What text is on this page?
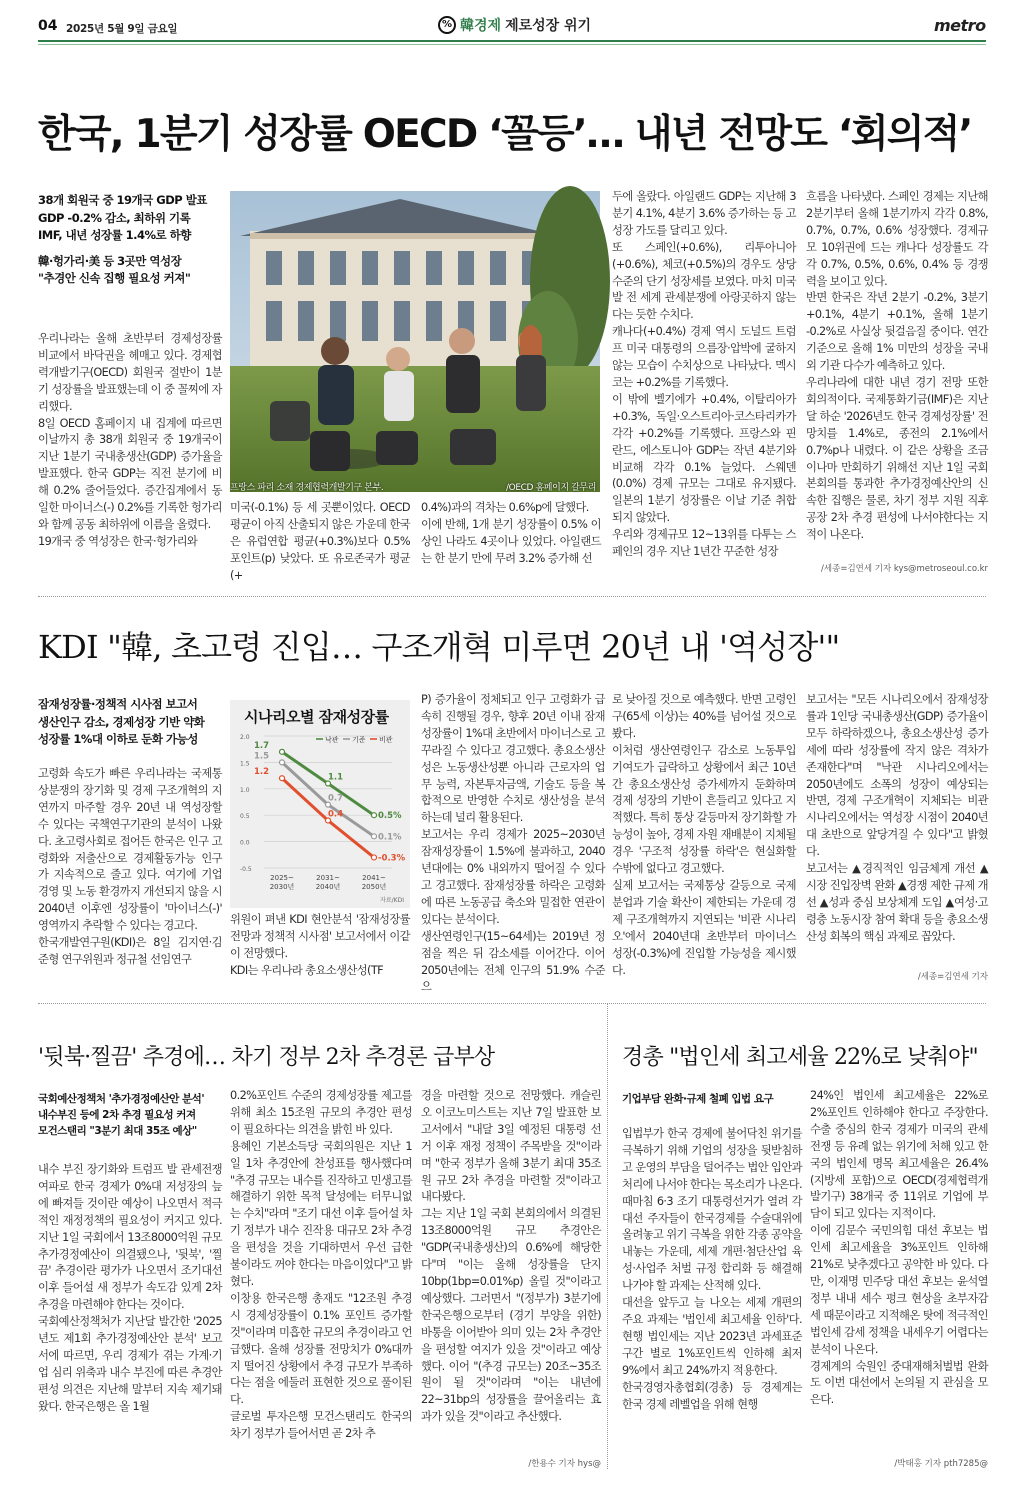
04 2025년 5월 9일 금요일	% 韓경제 제로성장 위기	metro
한국, 1분기 성장률 OECD ‘꼴등’… 내년 전망도 ‘회의적’
38개 회원국 중 19개국 GDP 발표
GDP -0.2% 감소, 최하위 기록
IMF, 내년 성장률 1.4%로 하향
韓·헝가리·美 등 3곳만 역성장
"추경안 신속 집행 필요성 커져"
프랑스 파리 소재 경제협력개발기구 본부.	/OECD 홈페이지 갈무리
우리나라는 올해 초반부터 경제성장률 비교에서 바닥권을 헤매고 있다. 경제협력개발기구(OECD) 회원국 절반이 1분기 성장률을 발표했는데 이 중 꼴찌에 자리했다.
8일 OECD 홈페이지 내 집계에 따르면 이날까지 총 38개 회원국 중 19개국이 지난 1분기 국내총생산(GDP) 증가율을 발표했다. 한국 GDP는 직전 분기에 비해 0.2% 줄어들었다. 증간집계에서 동일한 마이너스(-) 0.2%를 기록한 헝가리와 함께 공동 최하위에 이름을 올렸다.
19개국 중 역성장은 한국·헝가리와
미국(-0.1%) 등 세 곳뿐이었다. OECD 평균이 아직 산출되지 않은 가운데 한국은 유럽연합 평균(+0.3%)보다 0.5%포인트(p) 낮았다. 또 유로존국가 평균(+
0.4%)과의 격차는 0.6%p에 달했다.
이에 반해, 1개 분기 성장률이 0.5% 이상인 나라도 4곳이나 있었다. 아일랜드는 한 분기 만에 무려 3.2% 증가해 선
두에 올랐다. 아일랜드 GDP는 지난해 3분기 4.1%, 4분기 3.6% 증가하는 등 고성장 가도를 달리고 있다.
또 스페인(+0.6%), 리투아니아(+0.6%), 체코(+0.5%)의 경우도 상당 수준의 단기 성장세를 보였다. 마치 미국발 전 세계 관세분쟁에 아랑곳하지 않는다는 듯한 수치다.
캐나다(+0.4%) 경제 역시 도널드 트럼프 미국 대통령의 으름장·압박에 굴하지 않는 모습이 수치상으로 나타났다. 멕시코는 +0.2%를 기록했다.
이 밖에 벨기에가 +0.4%, 이탈리아가 +0.3%, 독일·오스트리아·코스타리카가 각각 +0.2%를 기록했다. 프랑스와 핀란드, 에스토니아 GDP는 작년 4분기와 비교해 각각 0.1% 늘었다. 스웨덴(0.0%) 경제 규모는 그대로 유지됐다. 일본의 1분기 성장률은 이날 기준 취합되지 않았다.
우리와 경제규모 12~13위를 다투는 스페인의 경우 지난 1년간 꾸준한 성장
흐름을 나타냈다. 스페인 경제는 지난해 2분기부터 올해 1분기까지 각각 0.8%, 0.7%, 0.7%, 0.6% 성장했다. 경제규모 10위권에 드는 캐나다 성장률도 각각 0.7%, 0.5%, 0.6%, 0.4% 등 경쟁력을 보이고 있다.
반면 한국은 작년 2분기 -0.2%, 3분기 +0.1%, 4분기 +0.1%, 올해 1분기 -0.2%로 사실상 뒷걸음질 중이다. 연간 기준으로 올해 1% 미만의 성장을 국내외 기관 다수가 예측하고 있다.
우리나라에 대한 내년 경기 전망 또한 회의적이다. 국제통화기금(IMF)은 지난달 하순 '2026년도 한국 경제성장률' 전망치를 1.4%로, 종전의 2.1%에서 0.7%p나 내렸다. 이 같은 상황을 조금이나마 만회하기 위해선 지난 1일 국회 본회의를 통과한 추가경정예산안의 신속한 집행은 물론, 차기 정부 지원 직후 공장 2차 추경 편성에 나서야한다는 지적이 나온다.
/세종=김연세 기자 kys@metroseoul.co.kr
KDI "韓, 초고령 진입… 구조개혁 미루면 20년 내 '역성장'"
잠재성장률·정책적 시사점 보고서
생산인구 감소, 경제성장 기반 약화
성장률 1%대 이하로 둔화 가능성
시나리오별 잠재성장률
2.0
1.5
1.0
0.5
0.0
-0.5
낙관 기준 비관
1.7
1.1
0.5%
1.5
0.7
0.1%
1.2
0.4
-0.3%
2025~
2030년
2031~
2040년
2041~
2050년
자료/KDI
고령화 속도가 빠른 우리나라는 국제통상분쟁의 장기화 및 경제 구조개혁의 지연까지 마주할 경우 20년 내 역성장할 수 있다는 국책연구기관의 분석이 나왔다. 초고령사회로 접어든 한국은 인구 고령화와 저출산으로 경제활동가능 인구가 지속적으로 줄고 있다. 여기에 기업 경영 및 노동 환경까지 개선되지 않을 시 2040년 이후엔 성장률이 '마이너스(-)' 영역까지 추락할 수 있다는 경고다.
한국개발연구원(KDI)은 8일 김지연·김준형 연구위원과 정규철 선임연구
위원이 펴낸 KDI 현안분석 '잠재성장률 전망과 정책적 시사점' 보고서에서 이같이 전망했다.
KDI는 우리나라 총요소생산성(TF
P) 증가율이 정체되고 인구 고령화가 급속히 진행될 경우, 향후 20년 이내 잠재성장률이 1%대 초반에서 마이너스로 고꾸라질 수 있다고 경고했다. 총요소생산성은 노동생산성뿐 아니라 근로자의 업무 능력, 자본투자금액, 기술도 등을 복합적으로 반영한 수치로 생산성을 분석하는데 널리 활용된다.
보고서는 우리 경제가 2025~2030년 잠재성장률이 1.5%에 불과하고, 2040년대에는 0% 내외까지 떨어질 수 있다고 경고했다. 잠재성장률 하락은 고령화에 따른 노동공급 축소와 밀접한 연관이 있다는 분석이다.
생산연령인구(15~64세)는 2019년 정점을 찍은 뒤 감소세를 이어간다. 이어 2050년에는 전체 인구의 51.9% 수준으
로 낮아질 것으로 예측했다. 반면 고령인구(65세 이상)는 40%를 넘어설 것으로 봤다.
이처럼 생산연령인구 감소로 노동투입 기여도가 급락하고 상황에서 최근 10년간 총요소생산성 증가세까지 둔화하며 경제 성장의 기반이 흔들리고 있다고 지적했다. 특히 통상 갈등마저 장기화할 가능성이 높아, 경제 자원 재배분이 지체될 경우 '구조적 성장률 하락'은 현실화할 수밖에 없다고 경고했다.
실제 보고서는 국제통상 갈등으로 국제 분업과 기술 확산이 제한되는 가운데 경제 구조개혁까지 지연되는 '비관 시나리오'에서 2040년대 초반부터 마이너스 성장(-0.3%)에 진입할 가능성을 제시했다.
보고서는 "모든 시나리오에서 잠재성장률과 1인당 국내총생산(GDP) 증가율이 모두 하락하겠으나, 총요소생산성 증가세에 따라 성장률에 작지 않은 격차가 존재한다"며 "낙관 시나리오에서는 2050년에도 소폭의 성장이 예상되는 반면, 경제 구조개혁이 지체되는 비관 시나리오에서는 역성장 시점이 2040년대 초반으로 앞당겨질 수 있다"고 밝혔다.
보고서는 ▲경직적인 임금체계 개선 ▲시장 진입장벽 완화 ▲경쟁 제한 규제 개선 ▲성과 중심 보상체계 도입 ▲여성·고령층 노동시장 참여 확대 등을 총요소생산성 회복의 핵심 과제로 꼽았다.
/세종=김연세 기자
'뒷북·찔끔' 추경에… 차기 정부 2차 추경론 급부상
국회예산정책처 '추가경정예산안 분석'
내수부진 등에 2차 추경 필요성 커져
모건스탠리 "3분기 최대 35조 예상"
내수 부진 장기화와 트럼프 발 관세전쟁 여파로 한국 경제가 0%대 저성장의 늪에 빠져들 것이란 예상이 나오면서 적극적인 재정정책의 필요성이 커지고 있다. 지난 1일 국회에서 13조8000억원 규모 추가경정예산이 의결됐으나, '뒷북', '찔끔' 추경이란 평가가 나오면서 조기대선 이후 들어설 새 정부가 속도감 있게 2차 추경을 마련해야 한다는 것이다.
국회예산정책처가 지난달 발간한 '2025년도 제1회 추가경정예산안 분석' 보고서에 따르면, 우리 경제가 겪는 가계·기업 심리 위축과 내수 부진에 따른 추경안 편성 의견은 지난해 말부터 지속 제기돼 왔다. 한국은행은 올 1월
0.2%포인트 수준의 경제성장률 제고를 위해 최소 15조원 규모의 추경안 편성이 필요하다는 의견을 밝힌 바 있다.
용혜인 기본소득당 국회의원은 지난 1일 1차 추경안에 찬성표를 행사했다며 "추경 규모는 내수를 진작하고 민생고를 해결하기 위한 목적 달성에는 터무니없는 수치"라며 "조기 대선 이후 들어설 차기 정부가 내수 진작용 대규모 2차 추경을 편성을 것을 기대하면서 우선 급한 불이라도 꺼야 한다는 마음이었다"고 밝혔다.
이창용 한국은행 총재도 "12조원 추경시 경제성장률이 0.1% 포인트 증가할 것"이라며 미흡한 규모의 추경이라고 언급했다. 올해 성장률 전망치가 0%대까지 떨어진 상황에서 추경 규모가 부족하다는 점을 에둘러 표현한 것으로 풀이된다.
글로벌 투자은행 모건스탠리도 한국의 차기 정부가 들어서면 곧 2차 추
경을 마련할 것으로 전망했다. 캐슬린 오 이코노미스트는 지난 7일 발표한 보고서에서 "내달 3일 예정된 대통령 선거 이후 재정 정책이 주목받을 것"이라며 "한국 정부가 올해 3분기 최대 35조원 규모 2차 추경을 마련할 것"이라고 내다봤다.
그는 지난 1일 국회 본회의에서 의결된 13조8000억원 규모 추경안은 "GDP(국내총생산)의 0.6%에 해당한다"며 "이는 올해 성장률을 단지 10bp(1bp=0.01%p) 올릴 것"이라고 예상했다. 그러면서 "(정부가) 3분기에 한국은행으로부터 (경기 부양을 위한)바통을 이어받아 의미 있는 2차 추경안을 편성할 여지가 있을 것"이라고 예상했다. 이어 "(추경 규모는) 20조~35조원이 될 것"이라며 "이는 내년에 22~31bp의 성장률을 끌어올리는 효과가 있을 것"이라고 추산했다.
/한용수 기자 hys@
경총 "법인세 최고세율 22%로 낮춰야"
기업부담 완화·규제 철폐 입법 요구
입법부가 한국 경제에 불어닥친 위기를 극복하기 위해 기업의 성장을 뒷받침하고 운영의 부담을 덜어주는 법안 입안과 처리에 나서야 한다는 목소리가 나온다.
때마침 6·3 조기 대통령선거가 열려 각 대선 주자들이 한국경제를 수술대위에 올려놓고 위기 극복을 위한 각종 공약을 내놓는 가운데, 세제 개편·첨단산업 육성·사업주 처벌 규정 합리화 등 해결해 나가야 할 과제는 산적해 있다.
대선을 앞두고 늘 나오는 세제 개편의 주요 과제는 '법인세 최고세율 인하'다. 현행 법인세는 지난 2023년 과세표준 구간 별로 1%포인트씩 인하해 최저 9%에서 최고 24%까지 적용한다.
한국경영자총협회(경총) 등 경제계는 한국 경제 레벨업을 위해 현행
24%인 법인세 최고세율은 22%로 2%포인트 인하해야 한다고 주장한다. 수출 중심의 한국 경제가 미국의 관세 전쟁 등 유례 없는 위기에 처해 있고 한국의 법인세 명목 최고세율은 26.4%(지방세 포함)으로 OECD(경제협력개발기구) 38개국 중 11위로 기업에 부담이 되고 있다는 지적이다.
이에 김문수 국민의힘 대선 후보는 법인세 최고세율을 3%포인트 인하해 21%로 낮추겠다고 공약한 바 있다. 다만, 이재명 민주당 대선 후보는 윤석열 정부 내내 세수 펑크 현상을 초부자감세 때문이라고 지적해온 탓에 적극적인 법인세 감세 정책을 내세우기 어렵다는 분석이 나온다.
경제계의 숙원인 중대재해처벌법 완화도 이번 대선에서 논의될 지 관심을 모은다.
/박태홍 기자 pth7285@
